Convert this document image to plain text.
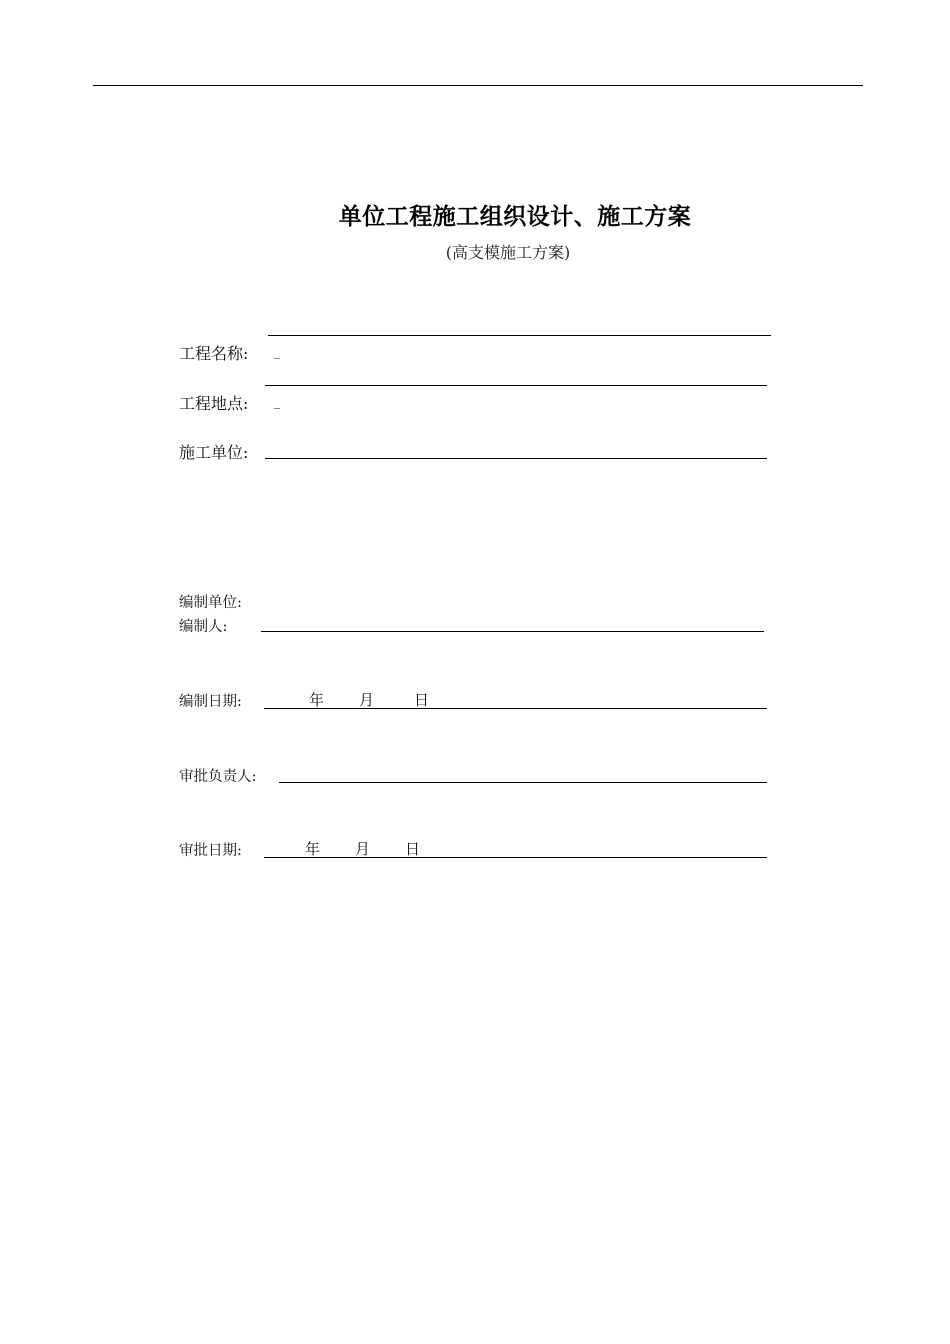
单位工程施工组织设计、施工方案
(高支模施工方案)
工程名称: _
工程地点: _
施工单位:
编制单位:
编制人:
编制日期:	年 月	日
审批负责人:
审批日期:	年 月 日
